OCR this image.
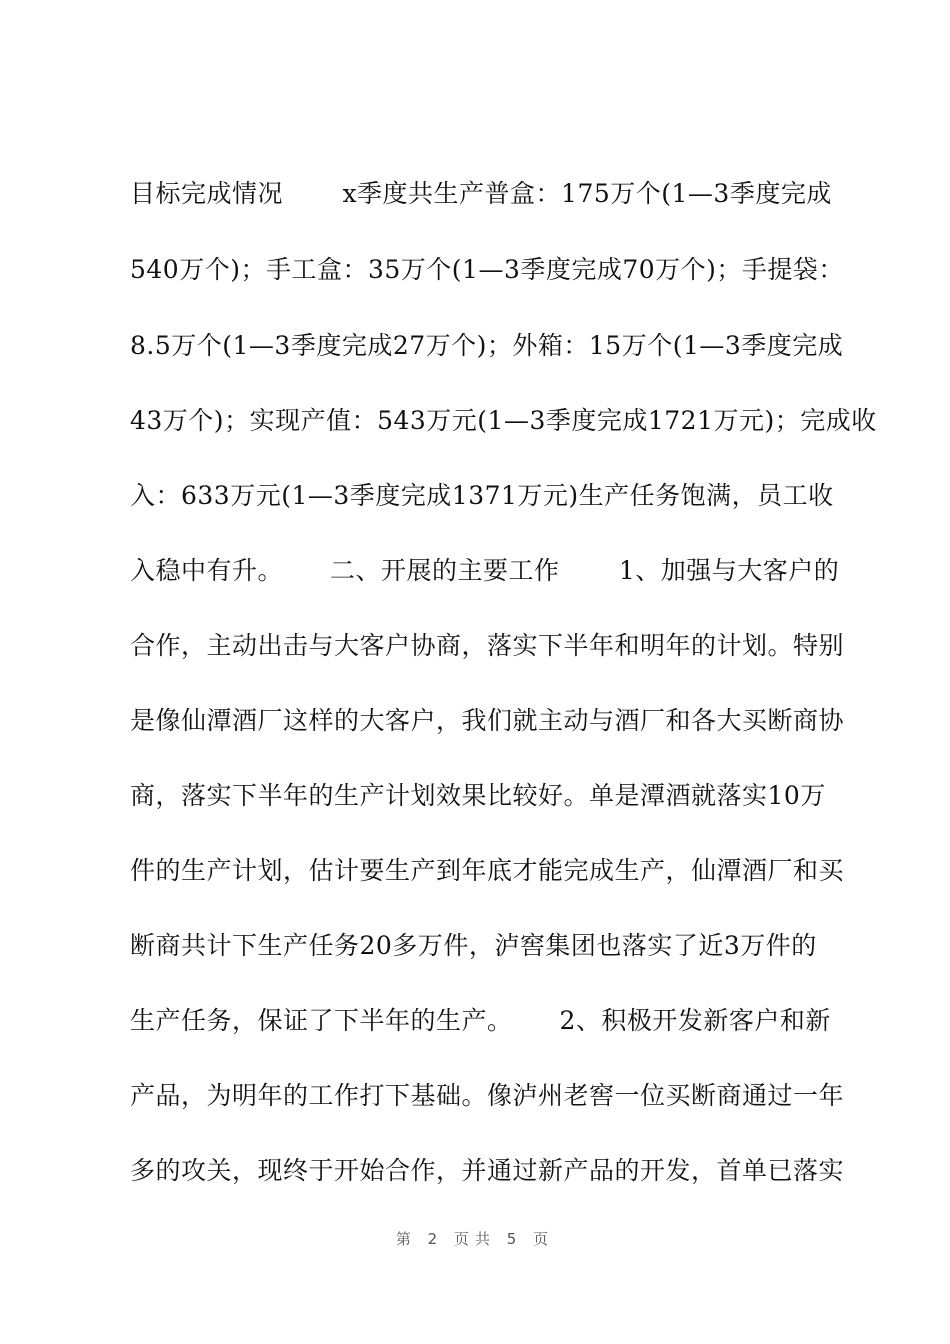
目标完成情况　　 x季度共生产普盒：175万个(1—3季度完成
540万个)；手工盒：35万个(1—3季度完成70万个)；手提袋：
8.5万个(1—3季度完成27万个)；外箱：15万个(1—3季度完成
43万个)；实现产值：543万元(1—3季度完成1721万元)；完成收
入：633万元(1—3季度完成1371万元)生产任务饱满，员工收
入稳中有升。　　 二、开展的主要工作　　 1、加强与大客户的
合作，主动出击与大客户协商，落实下半年和明年的计划。特别
是像仙潭酒厂这样的大客户，我们就主动与酒厂和各大买断商协
商，落实下半年的生产计划效果比较好。单是潭酒就落实10万
件的生产计划，估计要生产到年底才能完成生产，仙潭酒厂和买
断商共计下生产任务20多万件，泸窖集团也落实了近3万件的
生产任务，保证了下半年的生产。　　 2、积极开发新客户和新
产品，为明年的工作打下基础。像泸州老窖一位买断商通过一年
多的攻关，现终于开始合作，并通过新产品的开发，首单已落实
第 2 页共 5 页
